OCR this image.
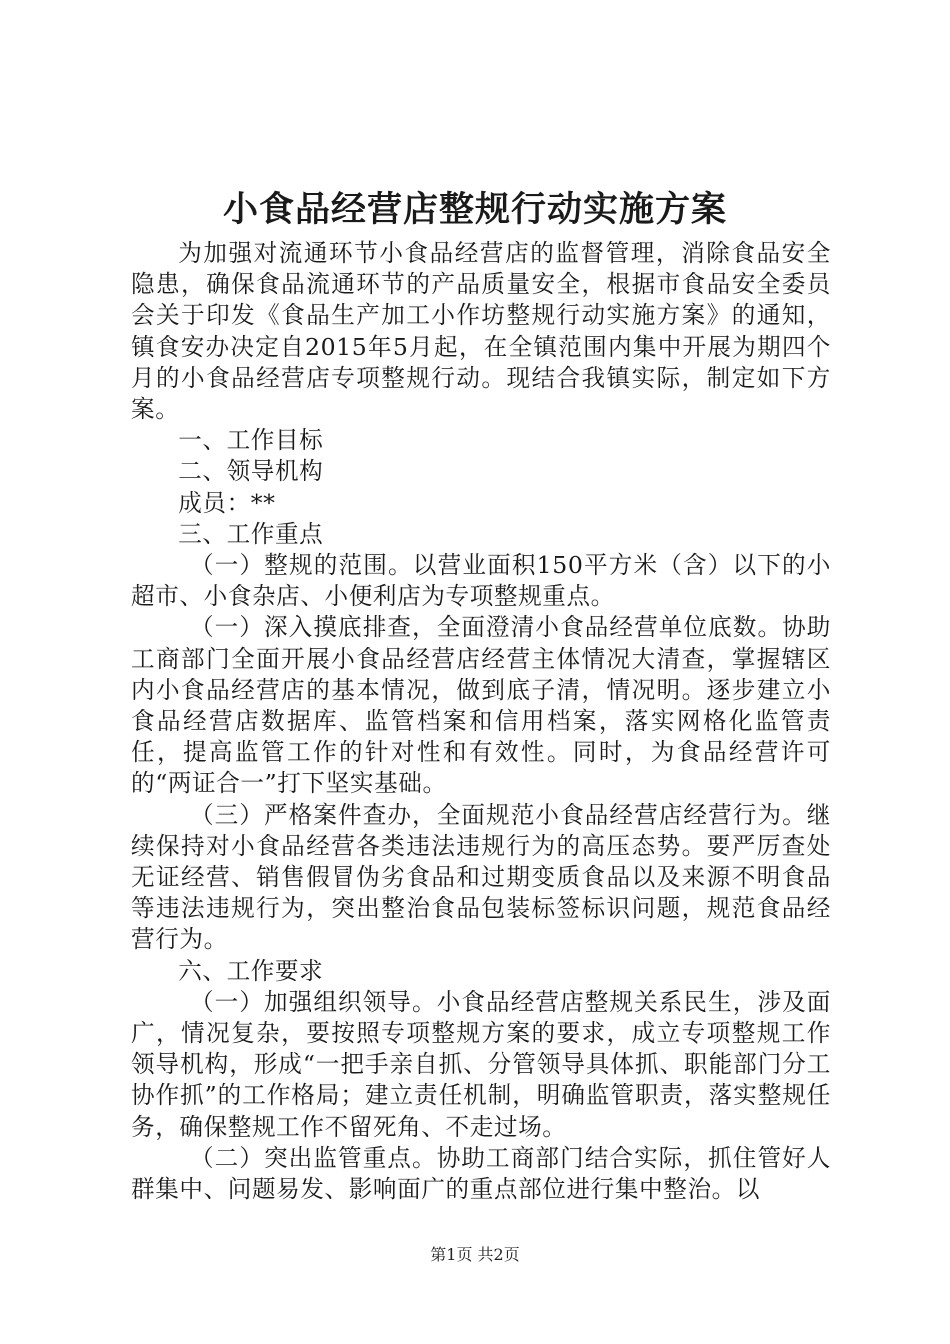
小食品经营店整规行动实施方案

为加强对流通环节小食品经营店的监督管理，消除食品安全隐患，确保食品流通环节的产品质量安全，根据市食品安全委员会关于印发《食品生产加工小作坊整规行动实施方案》的通知，镇食安办决定自2015年5月起，在全镇范围内集中开展为期四个月的小食品经营店专项整规行动。现结合我镇实际，制定如下方案。

一、工作目标

二、领导机构

成员：**

三、工作重点

（一）整规的范围。以营业面积150平方米（含）以下的小超市、小食杂店、小便利店为专项整规重点。

（一）深入摸底排查，全面澄清小食品经营单位底数。协助工商部门全面开展小食品经营店经营主体情况大清查，掌握辖区内小食品经营店的基本情况，做到底子清，情况明。逐步建立小食品经营店数据库、监管档案和信用档案，落实网格化监管责任，提高监管工作的针对性和有效性。同时，为食品经营许可的“两证合一”打下坚实基础。

（三）严格案件查办，全面规范小食品经营店经营行为。继续保持对小食品经营各类违法违规行为的高压态势。要严厉查处无证经营、销售假冒伪劣食品和过期变质食品以及来源不明食品等违法违规行为，突出整治食品包装标签标识问题，规范食品经营行为。

六、工作要求

（一）加强组织领导。小食品经营店整规关系民生，涉及面广，情况复杂，要按照专项整规方案的要求，成立专项整规工作领导机构，形成“一把手亲自抓、分管领导具体抓、职能部门分工协作抓”的工作格局；建立责任机制，明确监管职责，落实整规任务，确保整规工作不留死角、不走过场。

（二）突出监管重点。协助工商部门结合实际，抓住管好人群集中、问题易发、影响面广的重点部位进行集中整治。以

第1页 共2页
